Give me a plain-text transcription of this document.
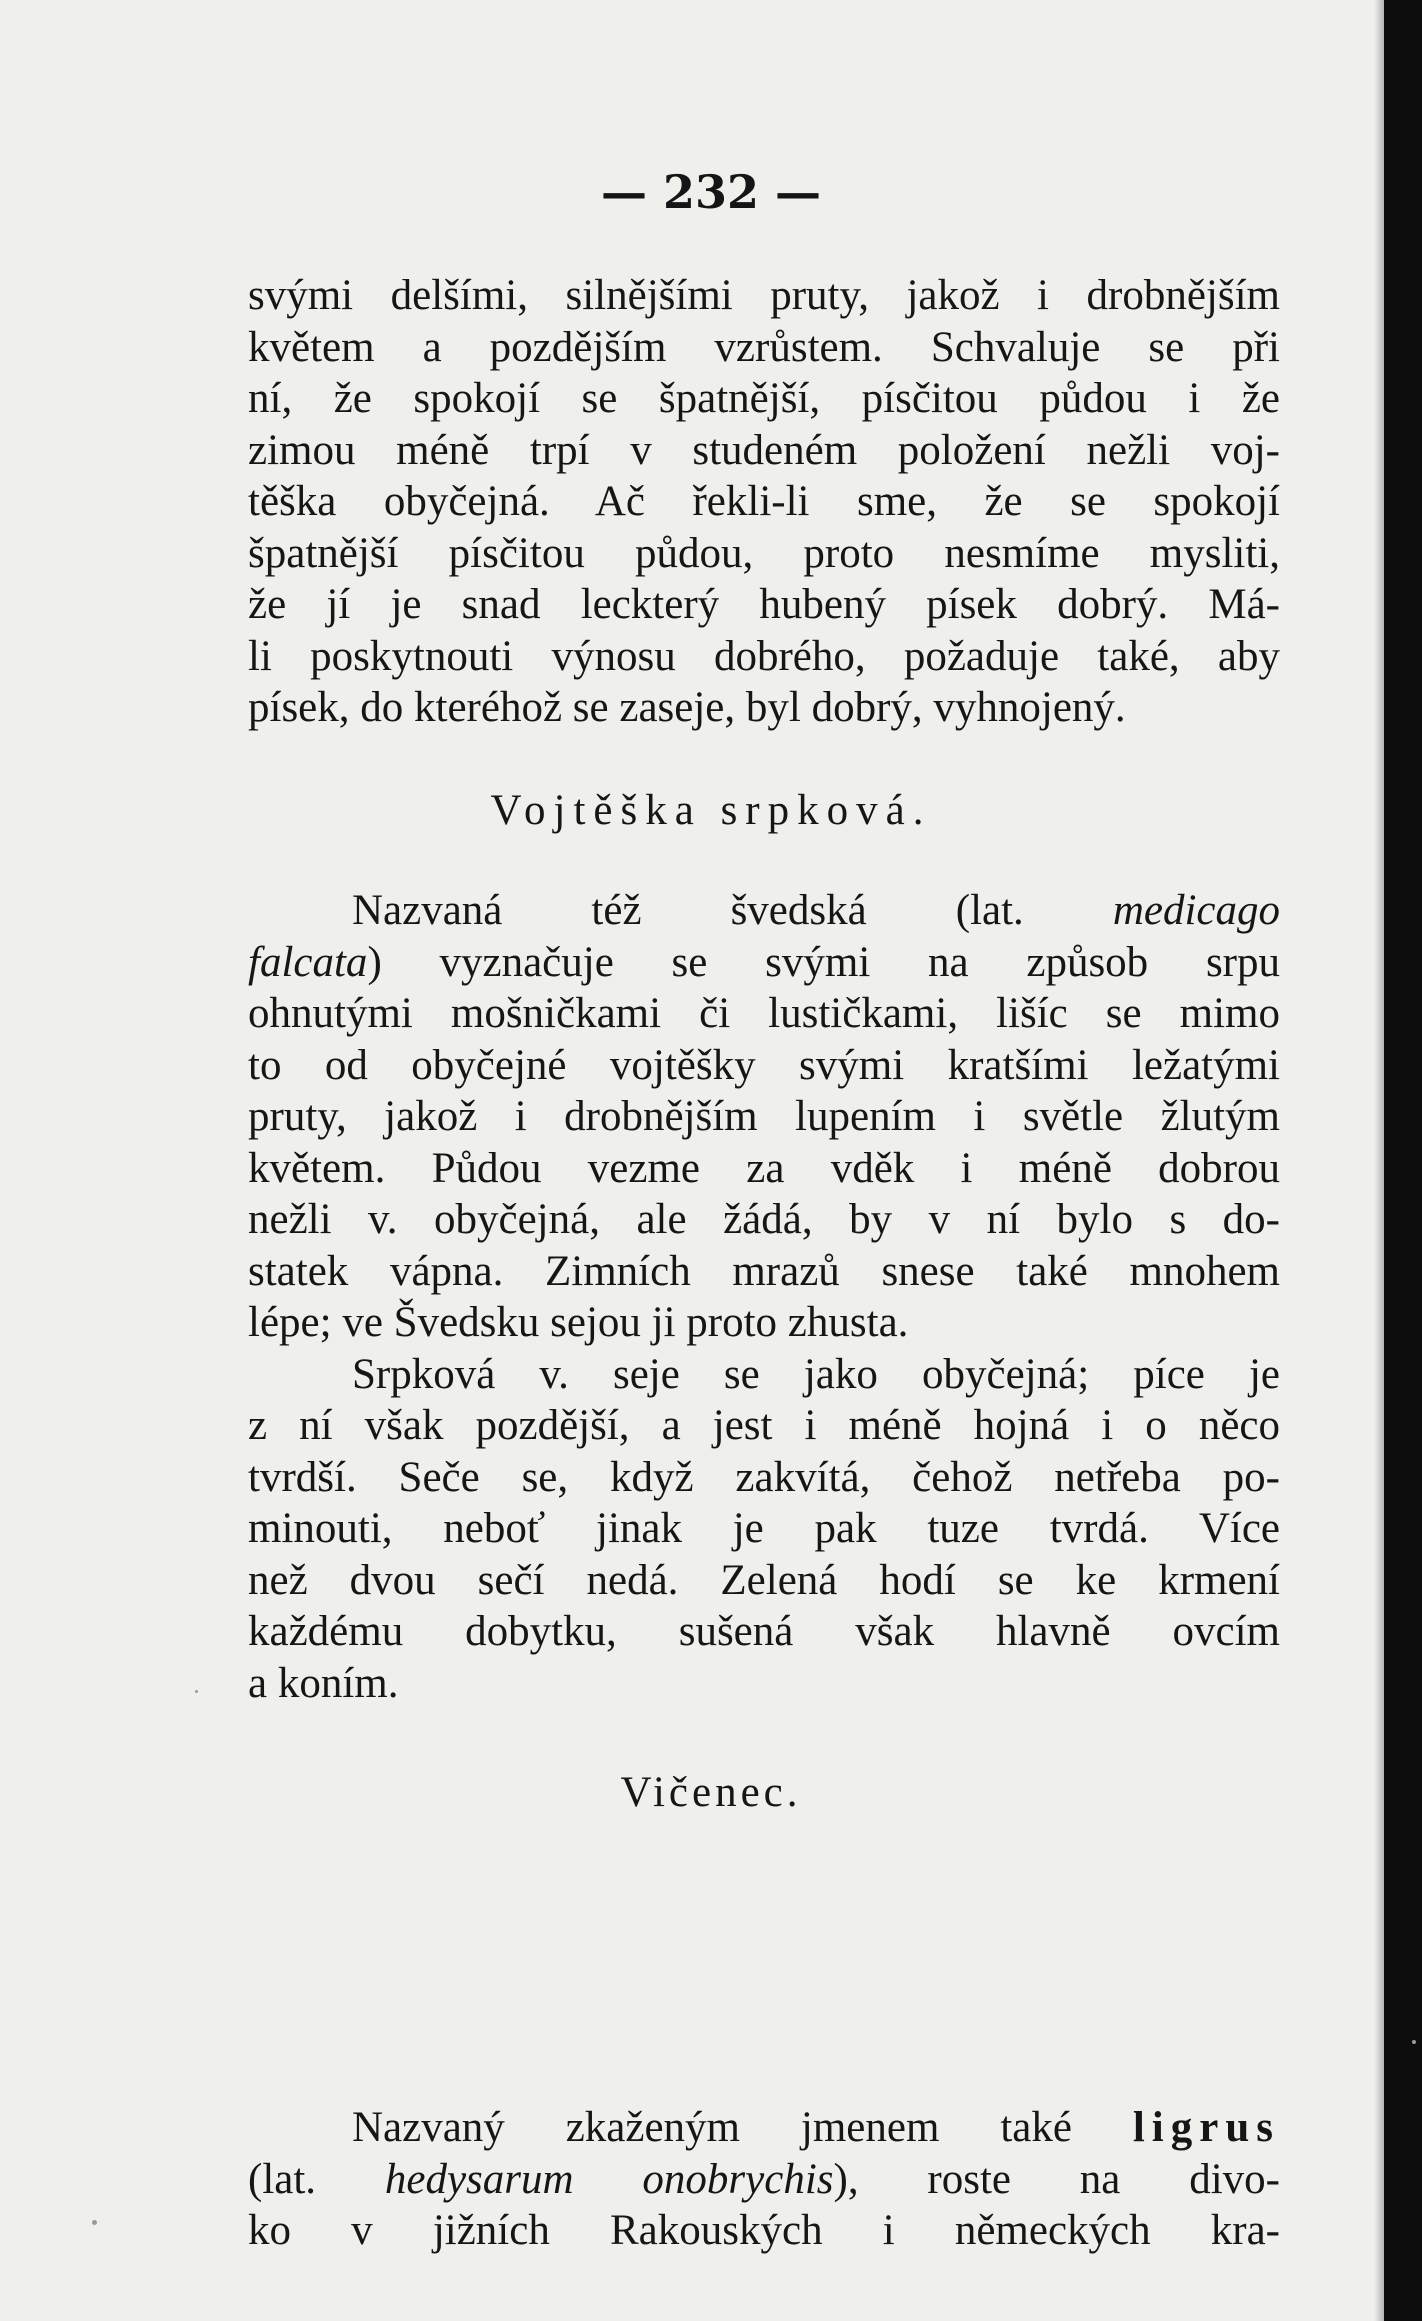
— 232 —

svými delšími, silnějšími pruty, jakož i drobnějším

květem a pozdějším vzrůstem. Schvaluje se při

ní, že spokojí se špatnější, písčitou půdou i že

zimou méně trpí v studeném položení nežli voj-

těška obyčejná. Ač řekli-li sme, že se spokojí

špatnější písčitou půdou, proto nesmíme mysliti,

že jí je snad leckterý hubený písek dobrý. Má-

li poskytnouti výnosu dobrého, požaduje také, aby

písek, do kteréhož se zaseje, byl dobrý, vyhnojený.

Vojtěška srpková.

Nazvaná též švedská (lat. medicago

falcata) vyznačuje se svými na způsob srpu

ohnutými mošničkami či lustičkami, lišíc se mimo

to od obyčejné vojtěšky svými kratšími ležatými

pruty, jakož i drobnějším lupením i světle žlutým

květem. Půdou vezme za vděk i méně dobrou

nežli v. obyčejná, ale žádá, by v ní bylo s do-

statek vápna. Zimních mrazů snese také mnohem

lépe; ve Švedsku sejou ji proto zhusta.

Srpková v. seje se jako obyčejná; píce je

z ní však pozdější, a jest i méně hojná i o něco

tvrdší. Seče se, když zakvítá, čehož netřeba po-

minouti, neboť jinak je pak tuze tvrdá. Více

než dvou sečí nedá. Zelená hodí se ke krmení

každému dobytku, sušená však hlavně ovcím

a koním.

Vičenec.

Nazvaný zkaženým jmenem také ligrus

(lat. hedysarum onobrychis), roste na divo-

ko v jižních Rakouských i německých kra-
